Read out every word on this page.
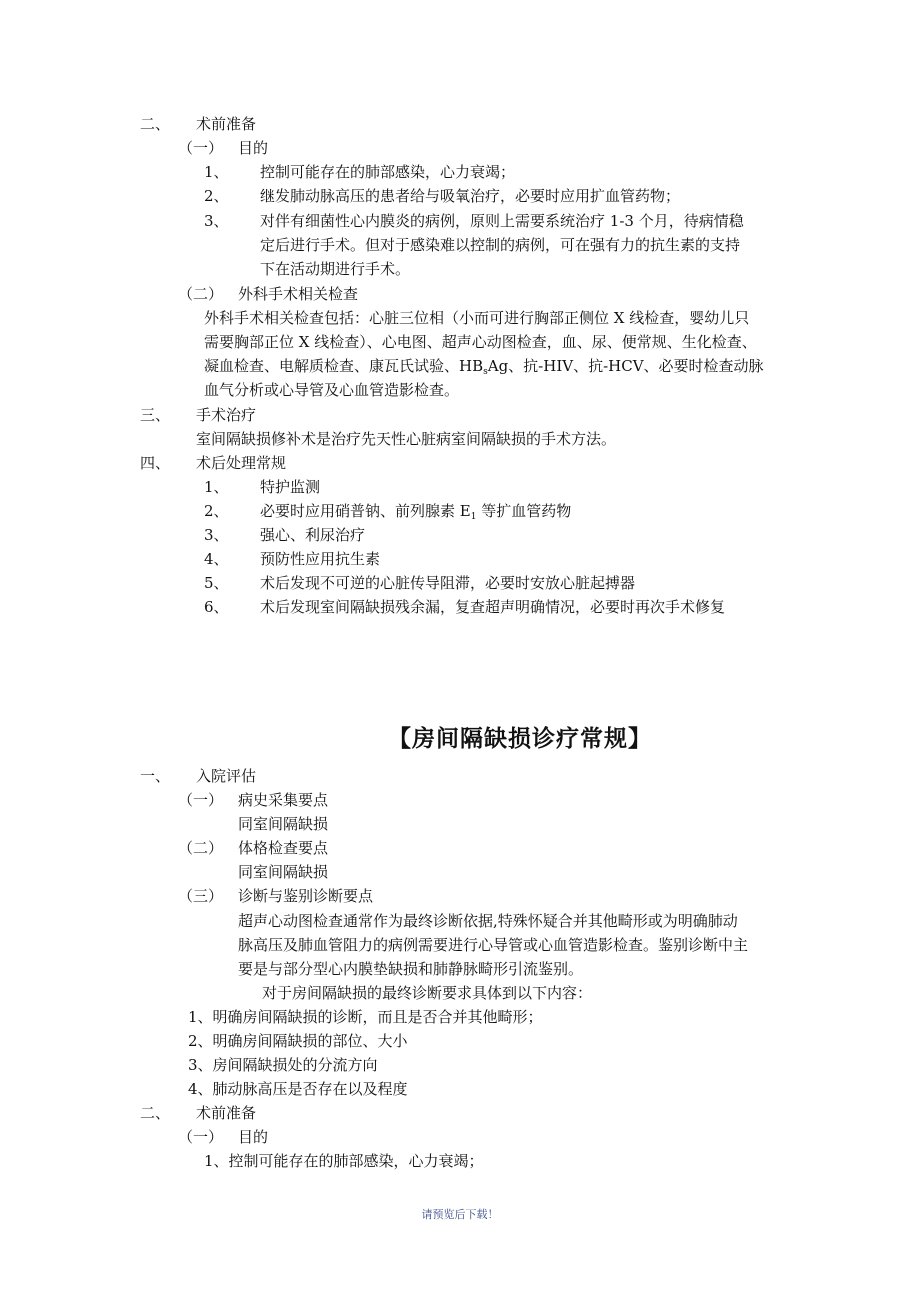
二、 术前准备
（一） 目的
1、 控制可能存在的肺部感染，心力衰竭；
2、 继发肺动脉高压的患者给与吸氧治疗，必要时应用扩血管药物；
3、 对伴有细菌性心内膜炎的病例，原则上需要系统治疗 1-3 个月，待病情稳
定后进行手术。但对于感染难以控制的病例，可在强有力的抗生素的支持
下在活动期进行手术。
（二） 外科手术相关检查
外科手术相关检查包括：心脏三位相（小而可进行胸部正侧位 X 线检查，婴幼儿只
需要胸部正位 X 线检查）、心电图、超声心动图检查，血、尿、便常规、生化检查、
凝血检查、电解质检查、康瓦氏试验、$HB_sAg$、抗-HIV、抗-HCV、必要时检查动脉
血气分析或心导管及心血管造影检查。
三、 手术治疗
室间隔缺损修补术是治疗先天性心脏病室间隔缺损的手术方法。
四、 术后处理常规
1、 特护监测
2、 必要时应用硝普钠、前列腺素 $E_1$ 等扩血管药物
3、 强心、利尿治疗
4、 预防性应用抗生素
5、 术后发现不可逆的心脏传导阻滞，必要时安放心脏起搏器
6、 术后发现室间隔缺损残余漏，复查超声明确情况，必要时再次手术修复
【房间隔缺损诊疗常规】
一、 入院评估
（一） 病史采集要点
同室间隔缺损
（二） 体格检查要点
同室间隔缺损
（三） 诊断与鉴别诊断要点
超声心动图检查通常作为最终诊断依据,特殊怀疑合并其他畸形或为明确肺动
脉高压及肺血管阻力的病例需要进行心导管或心血管造影检查。鉴别诊断中主
要是与部分型心内膜垫缺损和肺静脉畸形引流鉴别。
对于房间隔缺损的最终诊断要求具体到以下内容：
1、明确房间隔缺损的诊断，而且是否合并其他畸形；
2、明确房间隔缺损的部位、大小
3、房间隔缺损处的分流方向
4、肺动脉高压是否存在以及程度
二、 术前准备
（一） 目的
1、控制可能存在的肺部感染，心力衰竭；
请预览后下载！
